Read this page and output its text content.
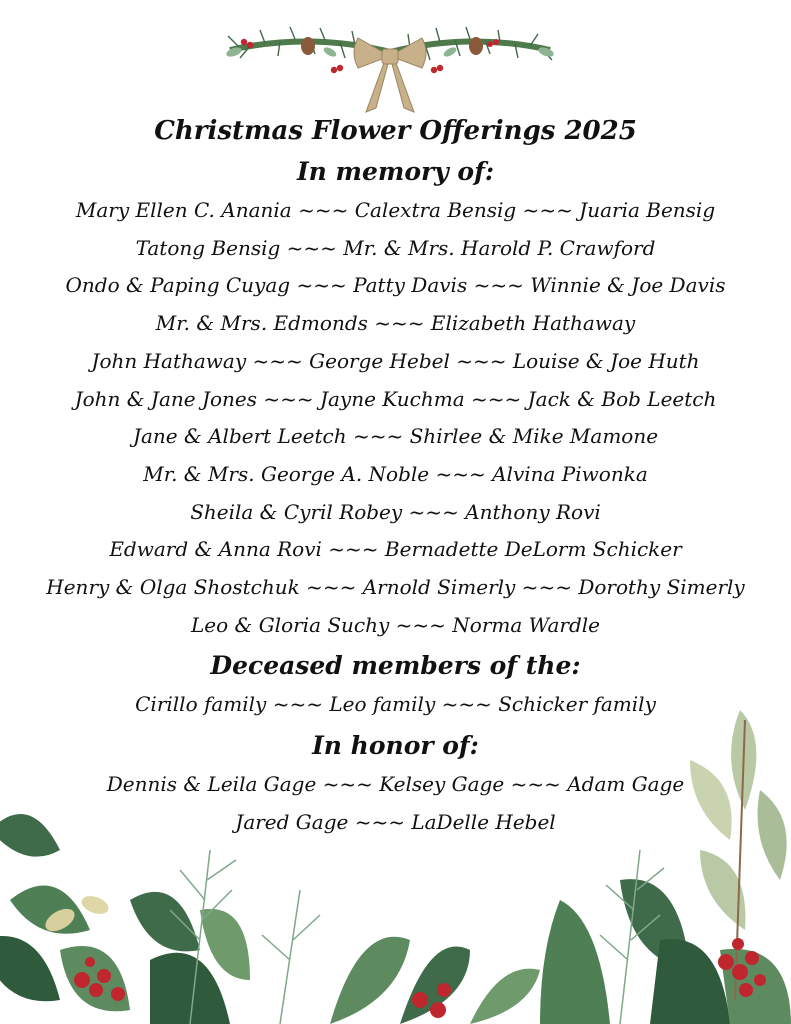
Christmas Flower Offerings 2025
In memory of:
Mary Ellen C. Anania ~~~ Calextra Bensig ~~~ Juaria Bensig
Tatong Bensig ~~~ Mr. & Mrs. Harold P. Crawford
Ondo & Paping Cuyag ~~~ Patty Davis ~~~ Winnie & Joe Davis
Mr. & Mrs. Edmonds ~~~ Elizabeth Hathaway
John Hathaway ~~~ George Hebel ~~~ Louise & Joe Huth
John & Jane Jones ~~~ Jayne Kuchma ~~~ Jack & Bob Leetch
Jane & Albert Leetch ~~~ Shirlee & Mike Mamone
Mr. & Mrs. George A. Noble ~~~ Alvina Piwonka
Sheila & Cyril Robey ~~~ Anthony Rovi
Edward & Anna Rovi ~~~ Bernadette DeLorm Schicker
Henry & Olga Shostchuk ~~~ Arnold Simerly ~~~ Dorothy Simerly
Leo & Gloria Suchy ~~~ Norma Wardle
Deceased members of the:
Cirillo family ~~~ Leo family ~~~ Schicker family
In honor of:
Dennis & Leila Gage ~~~ Kelsey Gage ~~~ Adam Gage
Jared Gage ~~~ LaDelle Hebel
